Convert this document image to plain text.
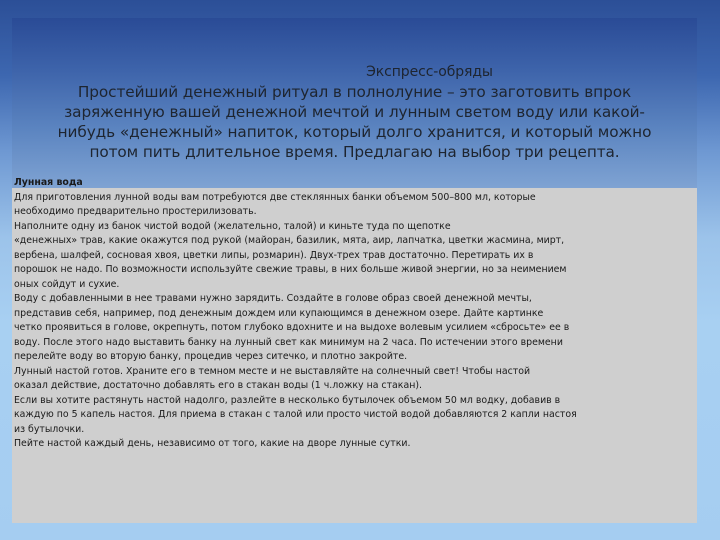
Экспресс-обряды
Простейший денежный ритуал в полнолуние – это заготовить впрок
заряженную вашей денежной мечтой и лунным светом воду или какой-
нибудь «денежный» напиток, который долго хранится, и который можно
потом пить длительное время. Предлагаю на выбор три рецепта.
Лунная вода
Для приготовления лунной воды вам потребуются две стеклянных банки объемом 500–800 мл, которые
необходимо предварительно простерилизовать.
Наполните одну из банок чистой водой (желательно, талой) и киньте туда по щепотке
«денежных» трав, какие окажутся под рукой (майоран, базилик, мята, аир, лапчатка, цветки жасмина, мирт,
вербена, шалфей, сосновая хвоя, цветки липы, розмарин). Двух-трех трав достаточно. Перетирать их в
порошок не надо. По возможности используйте свежие травы, в них больше живой энергии, но за неимением
оных сойдут и сухие.
Воду с добавленными в нее травами нужно зарядить. Создайте в голове образ своей денежной мечты,
представив себя, например, под денежным дождем или купающимся в денежном озере. Дайте картинке
четко проявиться в голове, окрепнуть, потом глубоко вдохните и на выдохе волевым усилием «сбросьте» ее в
воду. После этого надо выставить банку на лунный свет как минимум на 2 часа. По истечении этого времени
перелейте воду во вторую банку, процедив через ситечко, и плотно закройте.
Лунный настой готов. Храните его в темном месте и не выставляйте на солнечный свет! Чтобы настой
оказал действие, достаточно добавлять его в стакан воды (1 ч.ложку на стакан).
Если вы хотите растянуть настой надолго, разлейте в несколько бутылочек объемом 50 мл водку, добавив в
каждую по 5 капель настоя. Для приема в стакан с талой или просто чистой водой добавляются 2 капли настоя
из бутылочки.
Пейте настой каждый день, независимо от того, какие на дворе лунные сутки.
